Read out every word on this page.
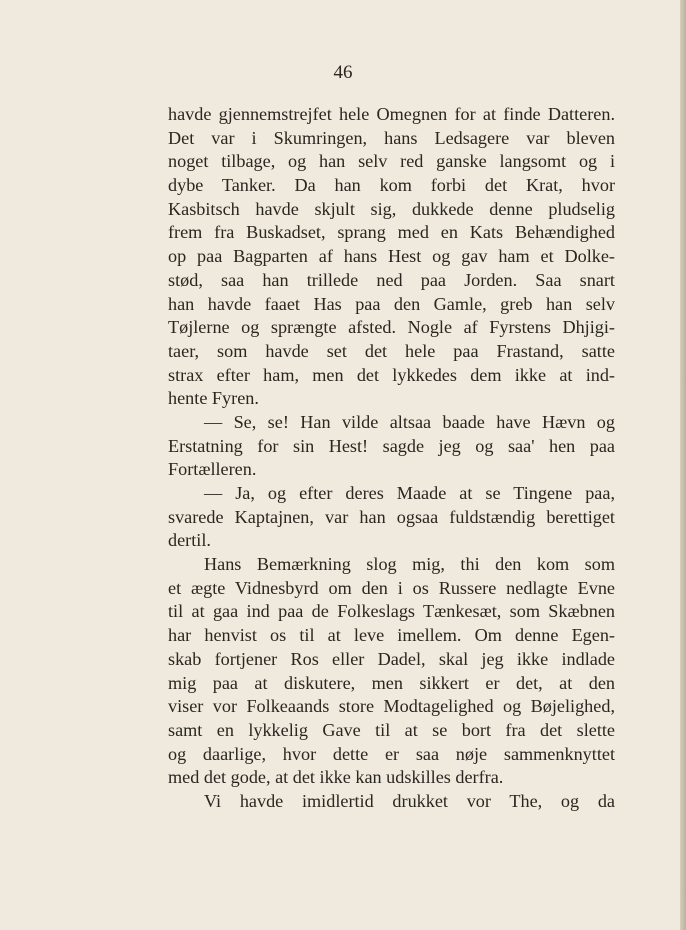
46
havde gjennemstrejfet hele Omegnen for at finde Datteren.
Det var i Skumringen, hans Ledsagere var bleven
noget tilbage, og han selv red ganske langsomt og i
dybe Tanker. Da han kom forbi det Krat, hvor
Kasbitsch havde skjult sig, dukkede denne pludselig
frem fra Buskadset, sprang med en Kats Behændighed
op paa Bagparten af hans Hest og gav ham et Dolke-
stød, saa han trillede ned paa Jorden. Saa snart
han havde faaet Has paa den Gamle, greb han selv
Tøjlerne og sprængte afsted. Nogle af Fyrstens Dhjigi-
taer, som havde set det hele paa Frastand, satte
strax efter ham, men det lykkedes dem ikke at ind-
hente Fyren.
— Se, se! Han vilde altsaa baade have Hævn og
Erstatning for sin Hest! sagde jeg og saa' hen paa
Fortælleren.
— Ja, og efter deres Maade at se Tingene paa,
svarede Kaptajnen, var han ogsaa fuldstændig berettiget
dertil.
Hans Bemærkning slog mig, thi den kom som
et ægte Vidnesbyrd om den i os Russere nedlagte Evne
til at gaa ind paa de Folkeslags Tænkesæt, som Skæbnen
har henvist os til at leve imellem. Om denne Egen-
skab fortjener Ros eller Dadel, skal jeg ikke indlade
mig paa at diskutere, men sikkert er det, at den
viser vor Folkeaands store Modtagelighed og Bøjelighed,
samt en lykkelig Gave til at se bort fra det slette
og daarlige, hvor dette er saa nøje sammenknyttet
med det gode, at det ikke kan udskilles derfra.
Vi havde imidlertid drukket vor The, og da
